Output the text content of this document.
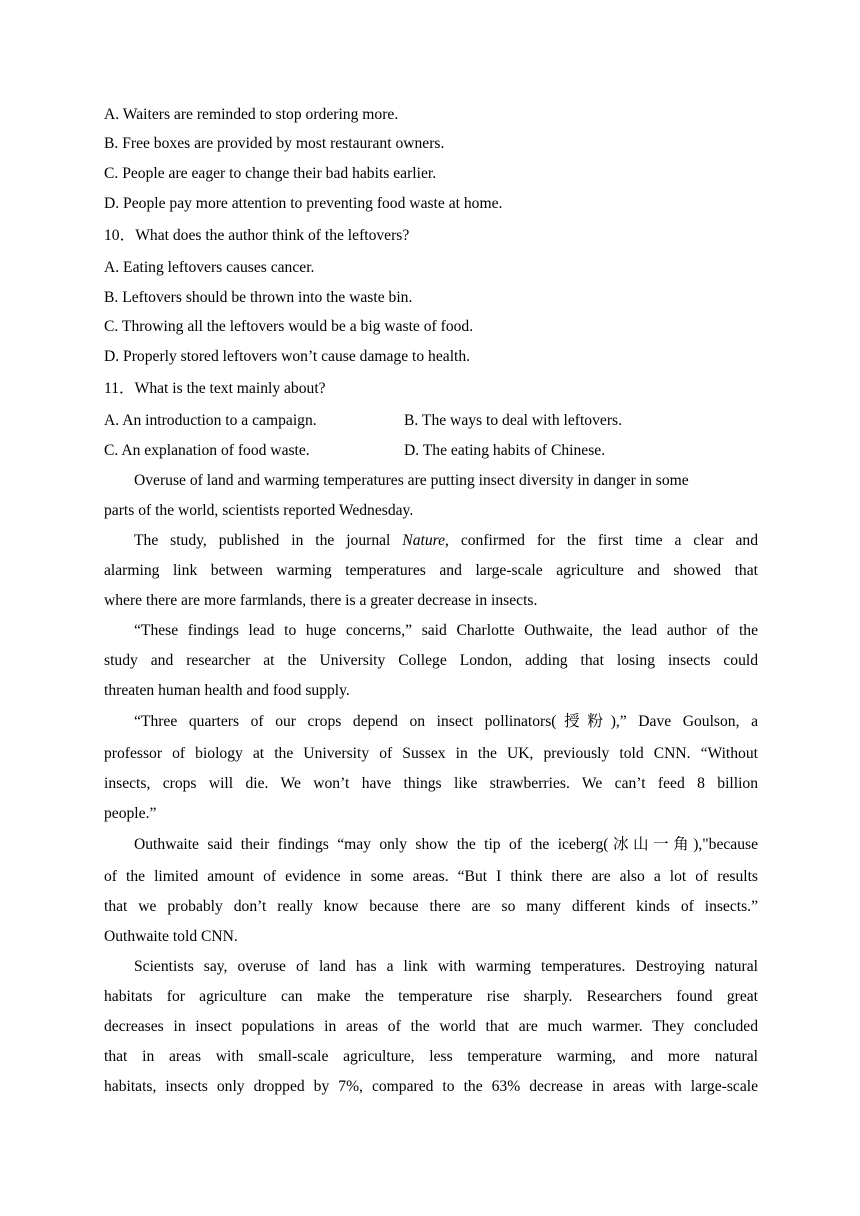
A. Waiters are reminded to stop ordering more.
B. Free boxes are provided by most restaurant owners.
C. People are eager to change their bad habits earlier.
D. People pay more attention to preventing food waste at home.
10．What does the author think of the leftovers?
A. Eating leftovers causes cancer.
B. Leftovers should be thrown into the waste bin.
C. Throwing all the leftovers would be a big waste of food.
D. Properly stored leftovers won’t cause damage to health.
11．What is the text mainly about?
A. An introduction to a campaign.	B. The ways to deal with leftovers.
C. An explanation of food waste.	D. The eating habits of Chinese.
Overuse of land and warming temperatures are putting insect diversity in danger in some
parts of the world, scientists reported Wednesday.
The study, published in the journal Nature, confirmed for the first time a clear and
alarming link between warming temperatures and large-scale agriculture and showed that
where there are more farmlands, there is a greater decrease in insects.
“These findings lead to huge concerns,” said Charlotte Outhwaite, the lead author of the
study and researcher at the University College London, adding that losing insects could
threaten human health and food supply.
“Three quarters of our crops depend on insect pollinators(授粉),” Dave Goulson, a
professor of biology at the University of Sussex in the UK, previously told CNN. “Without
insects, crops will die. We won’t have things like strawberries. We can’t feed 8 billion
people.”
Outhwaite said their findings “may only show the tip of the iceberg(冰山一角),"because
of the limited amount of evidence in some areas. “But I think there are also a lot of results
that we probably don’t really know because there are so many different kinds of insects.”
Outhwaite told CNN.
Scientists say, overuse of land has a link with warming temperatures. Destroying natural
habitats for agriculture can make the temperature rise sharply. Researchers found great
decreases in insect populations in areas of the world that are much warmer. They concluded
that in areas with small-scale agriculture, less temperature warming, and more natural
habitats, insects only dropped by 7%, compared to the 63% decrease in areas with large-scale
